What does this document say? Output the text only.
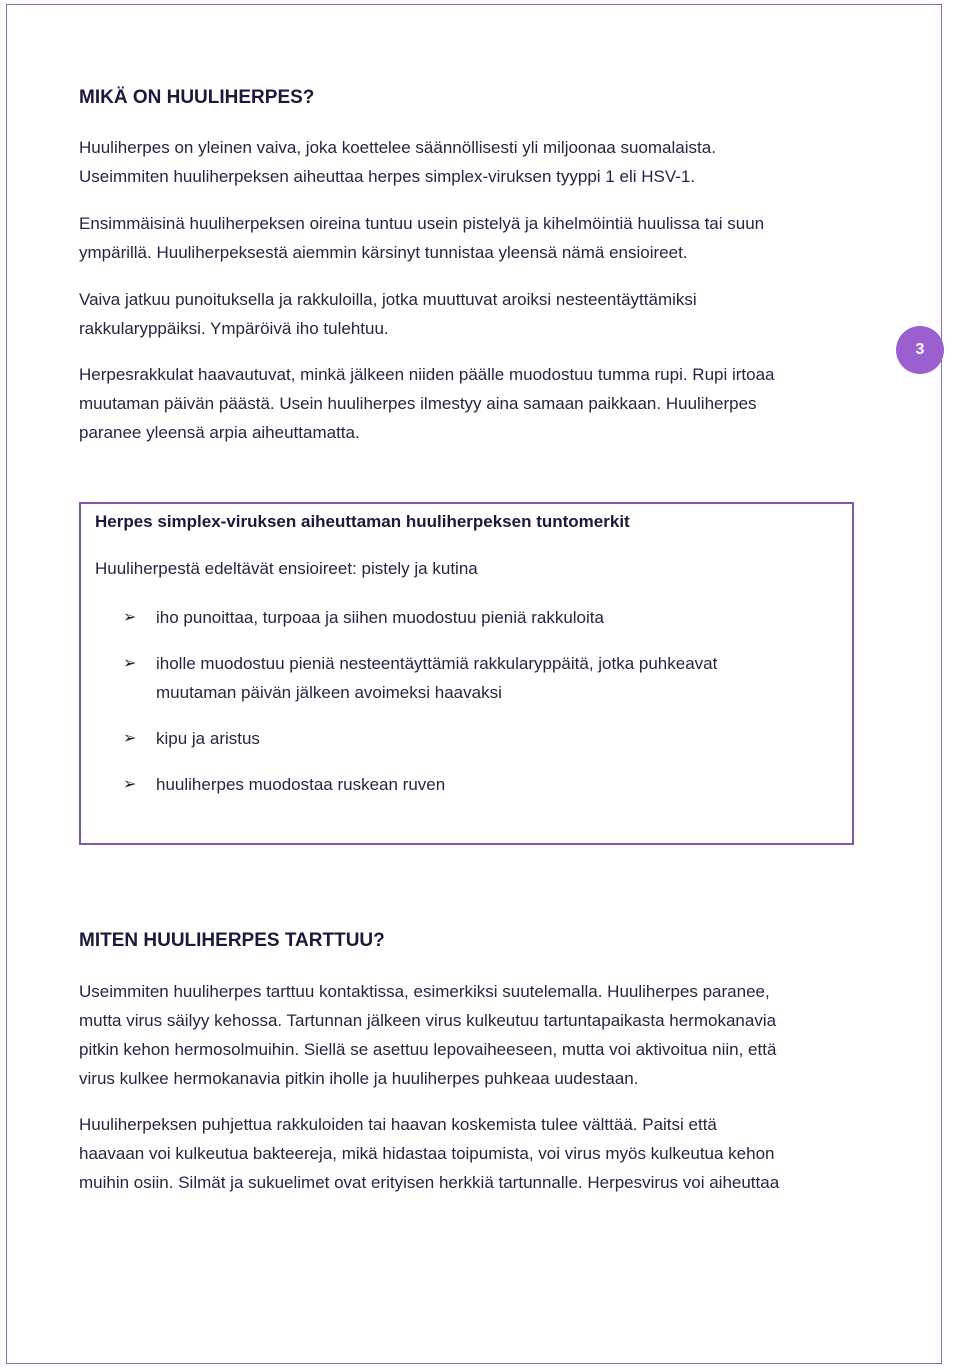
3
MIKÄ ON HUULIHERPES?

Huuliherpes on yleinen vaiva, joka koettelee säännöllisesti yli miljoonaa suomalaista.
Useimmiten huuliherpeksen aiheuttaa herpes simplex-viruksen tyyppi 1 eli HSV-1.

Ensimmäisinä huuliherpeksen oireina tuntuu usein pistelyä ja kihelmöintiä huulissa tai suun
ympärillä. Huuliherpeksestä aiemmin kärsinyt tunnistaa yleensä nämä ensioireet.

Vaiva jatkuu punoituksella ja rakkuloilla, jotka muuttuvat aroiksi nesteentäyttämiksi
rakkularyppäiksi. Ympäröivä iho tulehtuu.

Herpesrakkulat haavautuvat, minkä jälkeen niiden päälle muodostuu tumma rupi. Rupi irtoaa
muutaman päivän päästä. Usein huuliherpes ilmestyy aina samaan paikkaan. Huuliherpes
paranee yleensä arpia aiheuttamatta.

Herpes simplex-viruksen aiheuttaman huuliherpeksen tuntomerkit
Huuliherpestä edeltävät ensioireet: pistely ja kutina
➢ iho punoittaa, turpoaa ja siihen muodostuu pieniä rakkuloita
➢ iholle muodostuu pieniä nesteentäyttämiä rakkularyppäitä, jotka puhkeavat
muutaman päivän jälkeen avoimeksi haavaksi
➢ kipu ja aristus
➢ huuliherpes muodostaa ruskean ruven
MITEN HUULIHERPES TARTTUU?

Useimmiten huuliherpes tarttuu kontaktissa, esimerkiksi suutelemalla. Huuliherpes paranee,
mutta virus säilyy kehossa. Tartunnan jälkeen virus kulkeutuu tartuntapaikasta hermokanavia
pitkin kehon hermosolmuihin. Siellä se asettuu lepovaiheeseen, mutta voi aktivoitua niin, että
virus kulkee hermokanavia pitkin iholle ja huuliherpes puhkeaa uudestaan.

Huuliherpeksen puhjettua rakkuloiden tai haavan koskemista tulee välttää. Paitsi että
haavaan voi kulkeutua bakteereja, mikä hidastaa toipumista, voi virus myös kulkeutua kehon
muihin osiin. Silmät ja sukuelimet ovat erityisen herkkiä tartunnalle. Herpesvirus voi aiheuttaa
